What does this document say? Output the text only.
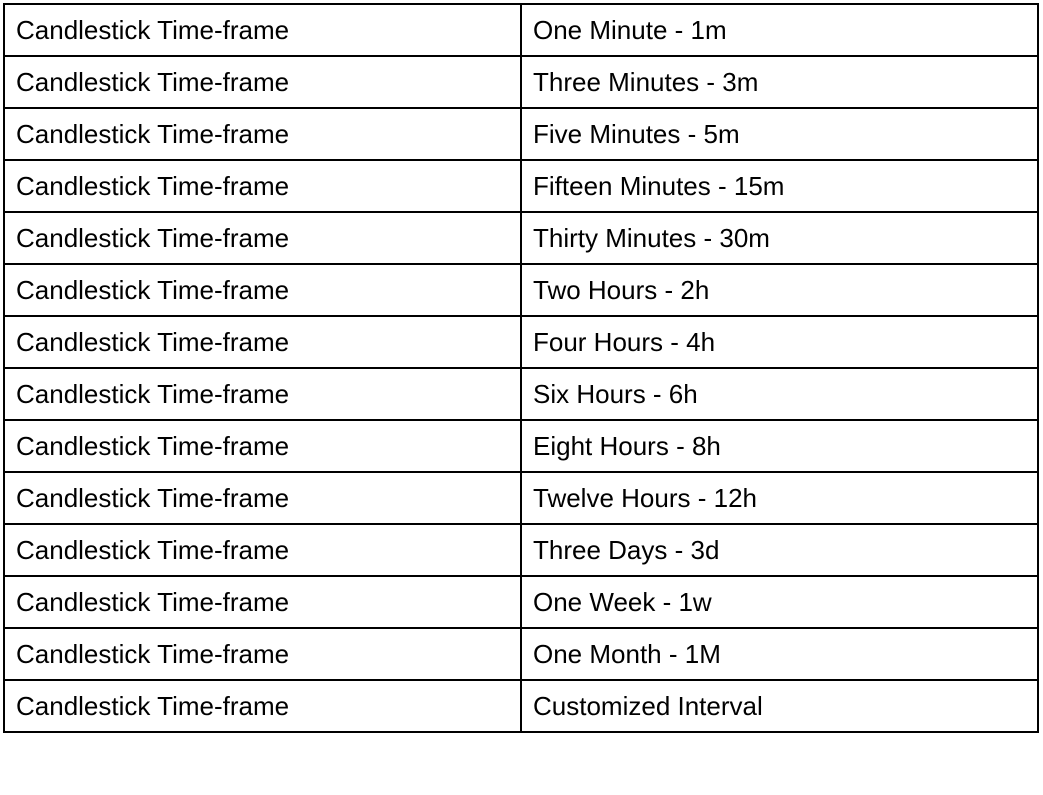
Candlestick Time-frame	One Minute - 1m
Candlestick Time-frame	Three Minutes - 3m
Candlestick Time-frame	Five Minutes - 5m
Candlestick Time-frame	Fifteen Minutes - 15m
Candlestick Time-frame	Thirty Minutes - 30m
Candlestick Time-frame	Two Hours - 2h
Candlestick Time-frame	Four Hours - 4h
Candlestick Time-frame	Six Hours - 6h
Candlestick Time-frame	Eight Hours - 8h
Candlestick Time-frame	Twelve Hours - 12h
Candlestick Time-frame	Three Days - 3d
Candlestick Time-frame	One Week - 1w
Candlestick Time-frame	One Month - 1M
Candlestick Time-frame	Customized Interval
